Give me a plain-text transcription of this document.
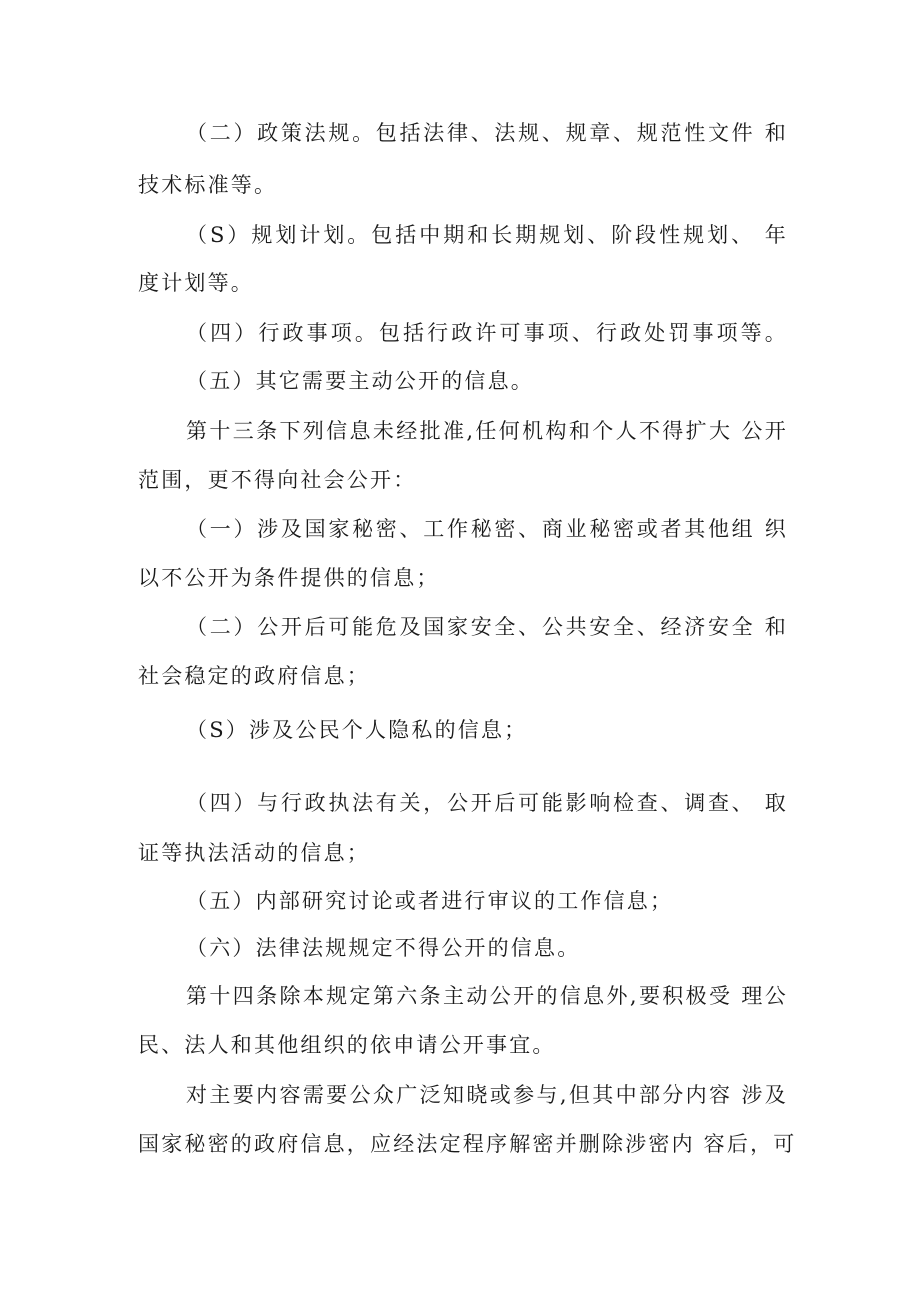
（二）政策法规。包括法律、法规、规章、规范性文件 和
技术标准等。
（S）规划计划。包括中期和长期规划、阶段性规划、 年
度计划等。
（四）行政事项。包括行政许可事项、行政处罚事项等。
（五）其它需要主动公开的信息。
第十三条下列信息未经批准,任何机构和个人不得扩大 公开
范围，更不得向社会公开：
（一）涉及国家秘密、工作秘密、商业秘密或者其他组 织
以不公开为条件提供的信息；
（二）公开后可能危及国家安全、公共安全、经济安全 和
社会稳定的政府信息；
（S）涉及公民个人隐私的信息；
（四）与行政执法有关，公开后可能影响检查、调查、 取
证等执法活动的信息；
（五）内部研究讨论或者进行审议的工作信息；
（六）法律法规规定不得公开的信息。
第十四条除本规定第六条主动公开的信息外,要积极受 理公
民、法人和其他组织的依申请公开事宜。
对主要内容需要公众广泛知晓或参与,但其中部分内容 涉及
国家秘密的政府信息，应经法定程序解密并删除涉密内 容后，可
